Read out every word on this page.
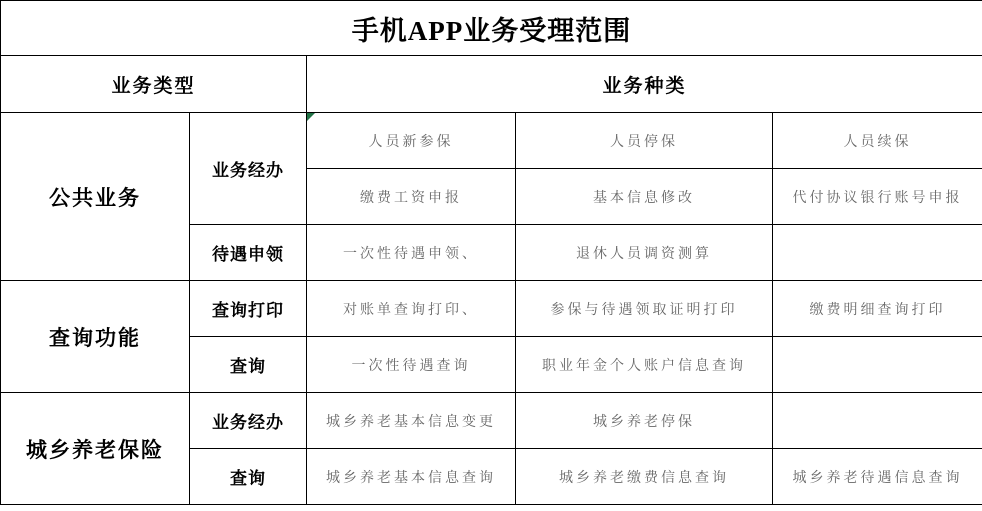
手机APP业务受理范围				
业务类型		业务种类		
公共业务	业务经办	人员新参保	人员停保	人员续保
		缴费工资申报	基本信息修改	代付协议银行账号申报
	待遇申领	一次性待遇申领、	退休人员调资测算	
查询功能	查询打印	对账单查询打印、	参保与待遇领取证明打印	缴费明细查询打印
	查询	一次性待遇查询	职业年金个人账户信息查询	
城乡养老保险	业务经办	城乡养老基本信息变更	城乡养老停保	
	查询	城乡养老基本信息查询	城乡养老缴费信息查询	城乡养老待遇信息查询
